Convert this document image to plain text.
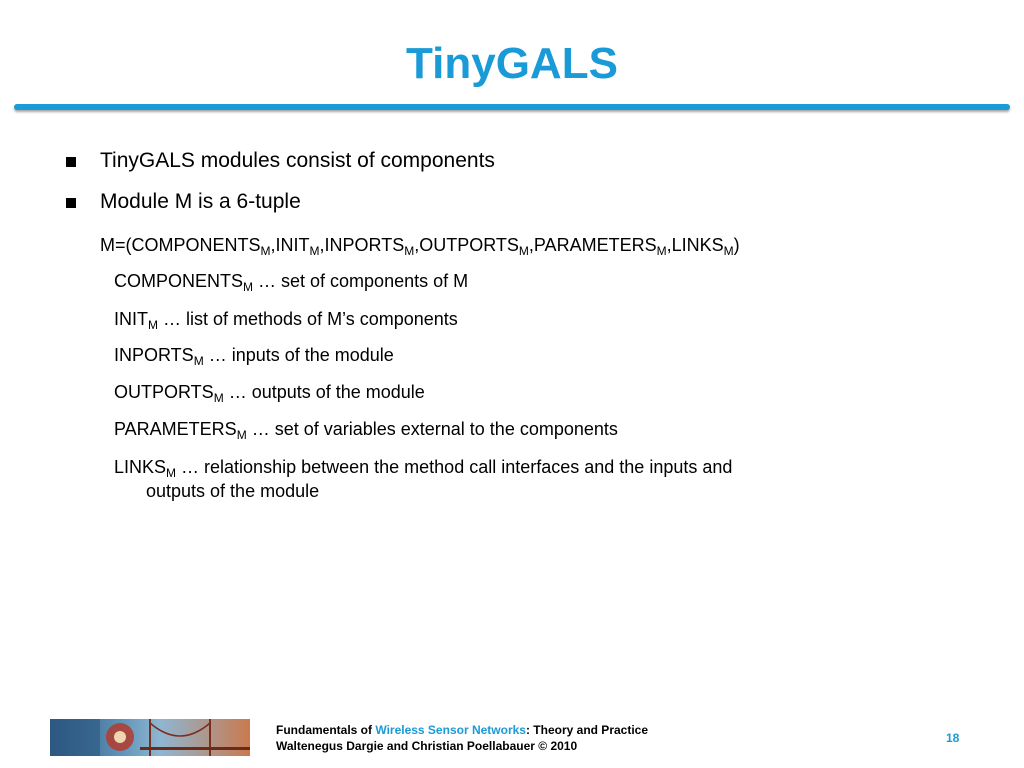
TinyGALS
TinyGALS modules consist of components
Module M is a 6-tuple
$M=(COMPONENTS_M,INIT_M,INPORTS_M,OUTPORTS_M,PARAMETERS_M,LINKS_M)$
$COMPONENTS_M$ … set of components of M
$INIT_M$ … list of methods of M’s components
$INPORTS_M$ … inputs of the module
$OUTPORTS_M$ … outputs of the module
$PARAMETERS_M$ … set of variables external to the components
$LINKS_M$ … relationship between the method call interfaces and the inputs and
outputs of the module
Fundamentals of Wireless Sensor Networks: Theory and Practice
Waltenegus Dargie and Christian Poellabauer © 2010
18
